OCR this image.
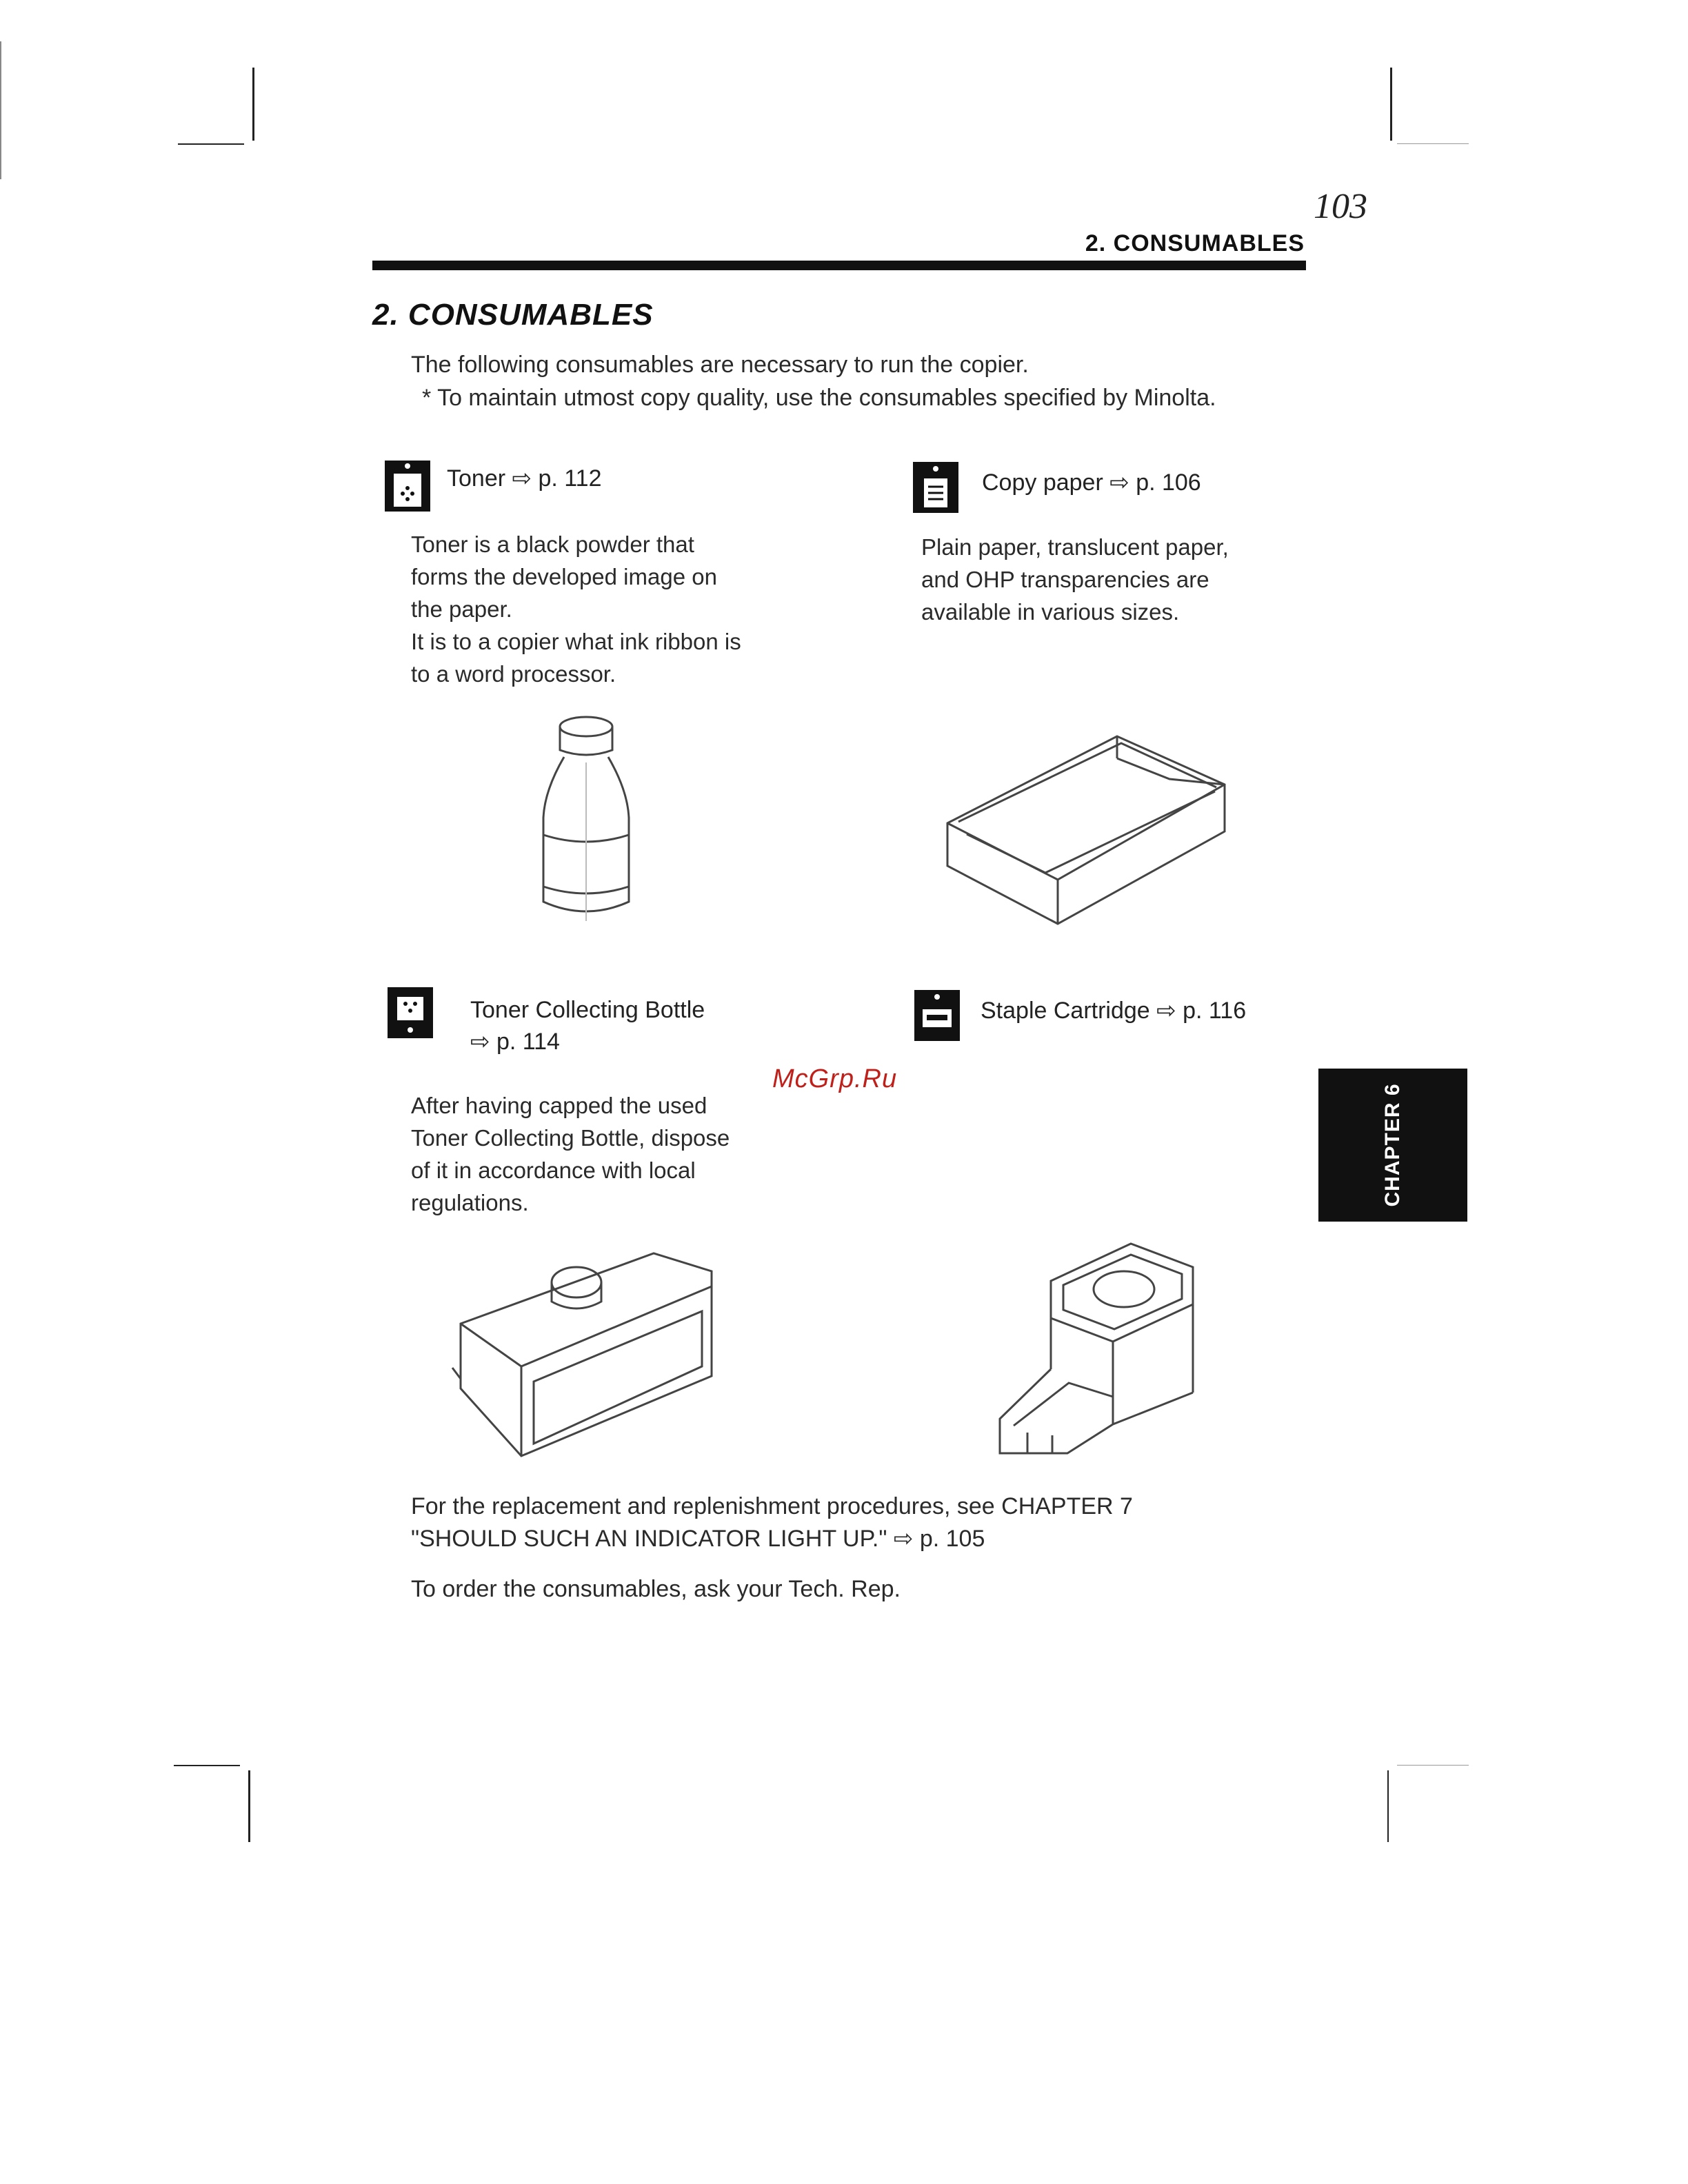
103
2. CONSUMABLES
2. CONSUMABLES
The following consumables are necessary to run the copier.
* To maintain utmost copy quality, use the consumables specified by Minolta.
Toner ⇨ p. 112
Toner is a black powder that
forms the developed image on
the paper.
It is to a copier what ink ribbon is
to a word processor.
Copy paper ⇨ p. 106
Plain paper, translucent paper,
and OHP transparencies are
available in various sizes.
Toner Collecting Bottle
⇨ p. 114
After having capped the used
Toner Collecting Bottle, dispose
of it in accordance with local
regulations.
Staple Cartridge ⇨ p. 116
McGrp.Ru
CHAPTER 6
For the replacement and replenishment procedures, see CHAPTER 7
"SHOULD SUCH AN INDICATOR LIGHT UP." ⇨ p. 105
To order the consumables, ask your Tech. Rep.
